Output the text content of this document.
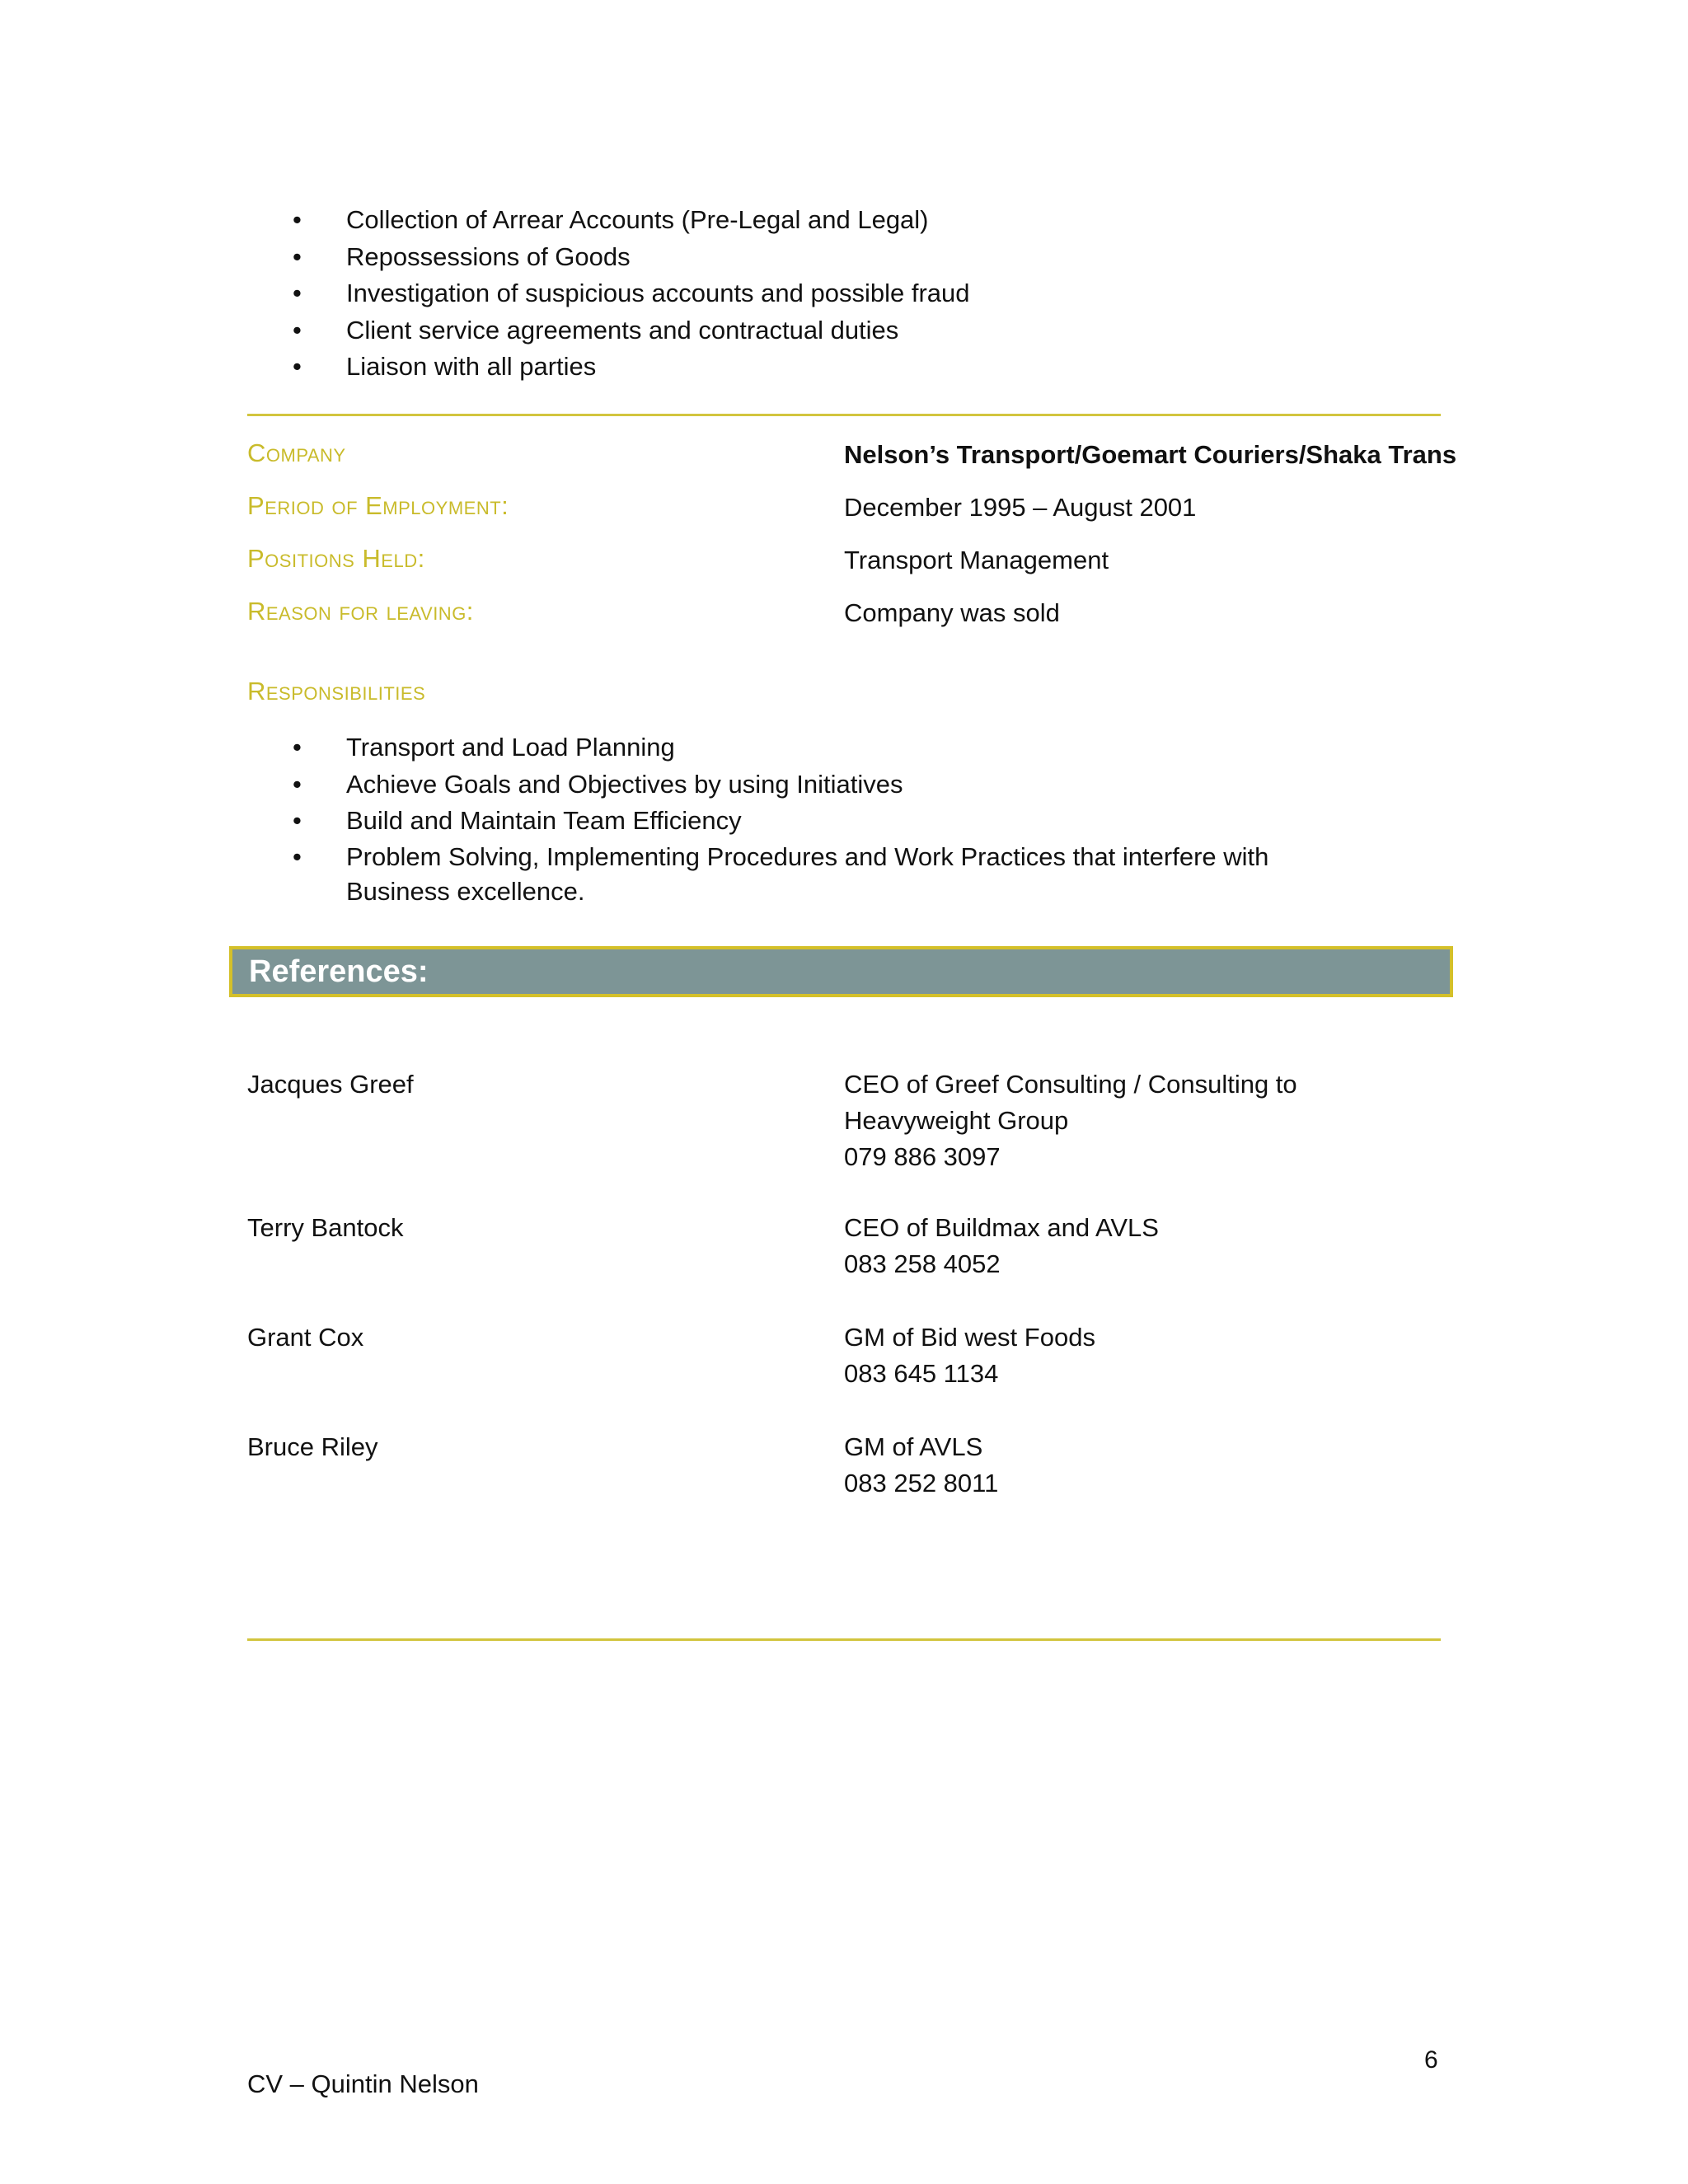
• Collection of Arrear Accounts (Pre-Legal and Legal)
• Repossessions of Goods
• Investigation of suspicious accounts and possible fraud
• Client service agreements and contractual duties
• Liaison with all parties
Company	Nelson’s Transport/Goemart Couriers/Shaka Trans
Period of Employment:	December 1995 – August 2001
Positions Held:	Transport Management
Reason for leaving:	Company was sold
Responsibilities
• Transport and Load Planning
• Achieve Goals and Objectives by using Initiatives
• Build and Maintain Team Efficiency
• Problem Solving, Implementing Procedures and Work Practices that interfere with Business excellence.
References:
Jacques Greef	CEO of Greef Consulting / Consulting to
Heavyweight Group
079 886 3097
Terry Bantock	CEO of Buildmax and AVLS
083 258 4052
Grant Cox	GM of Bid west Foods
083 645 1134
Bruce Riley	GM of AVLS
083 252 8011
6
CV – Quintin Nelson
